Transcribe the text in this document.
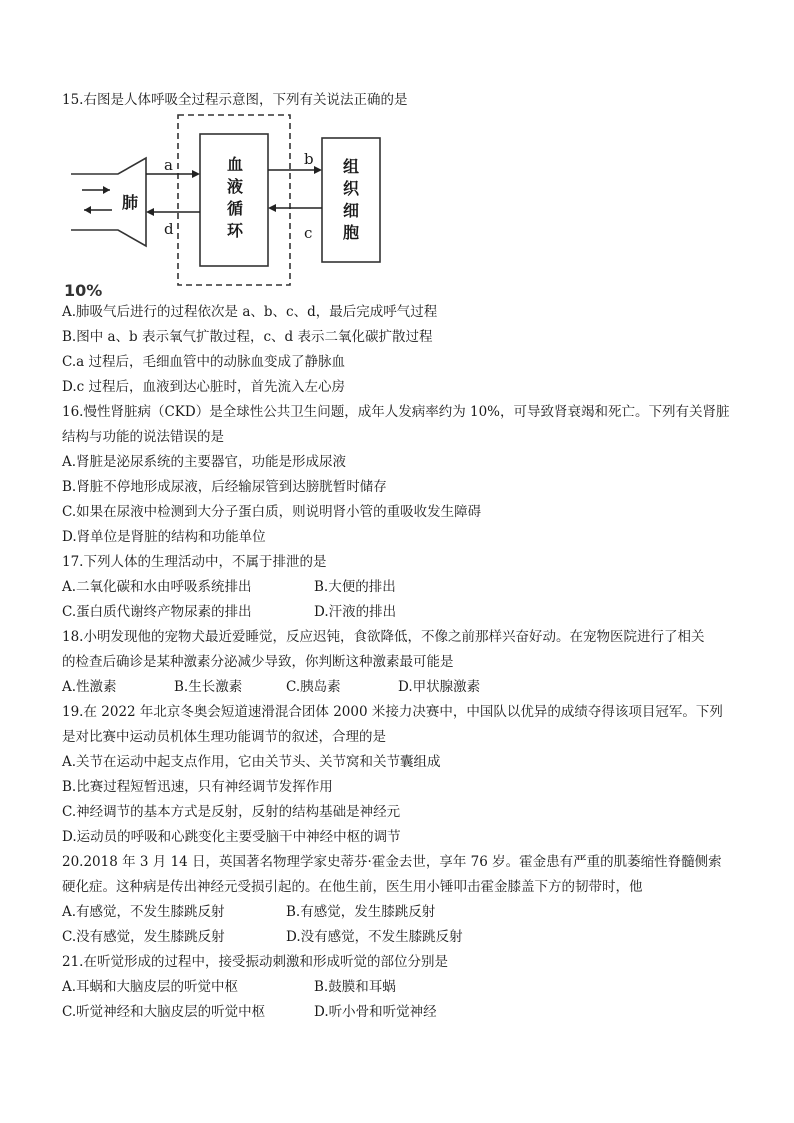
15.右图是人体呼吸全过程示意图，下列有关说法正确的是
肺
血
液
循
环
组
织
细
胞
a
d
b
c
10%
A.肺吸气后进行的过程依次是 a、b、c、d，最后完成呼气过程
B.图中 a、b 表示氧气扩散过程，c、d 表示二氧化碳扩散过程
C.a 过程后，毛细血管中的动脉血变成了静脉血
D.c 过程后，血液到达心脏时，首先流入左心房
16.慢性肾脏病（CKD）是全球性公共卫生问题，成年人发病率约为 10%，可导致肾衰竭和死亡。下列有关肾脏
结构与功能的说法错误的是
A.肾脏是泌尿系统的主要器官，功能是形成尿液
B.肾脏不停地形成尿液，后经输尿管到达膀胱暂时储存
C.如果在尿液中检测到大分子蛋白质，则说明肾小管的重吸收发生障碍
D.肾单位是肾脏的结构和功能单位
17.下列人体的生理活动中，不属于排泄的是
A.二氧化碳和水由呼吸系统排出	B.大便的排出
C.蛋白质代谢终产物尿素的排出	D.汗液的排出
18.小明发现他的宠物犬最近爱睡觉，反应迟钝，食欲降低，不像之前那样兴奋好动。在宠物医院进行了相关
的检查后确诊是某种激素分泌减少导致，你判断这种激素最可能是
A.性激素	B.生长激素	C.胰岛素	D.甲状腺激素
19.在 2022 年北京冬奥会短道速滑混合团体 2000 米接力决赛中，中国队以优异的成绩夺得该项目冠军。下列
是对比赛中运动员机体生理功能调节的叙述，合理的是
A.关节在运动中起支点作用，它由关节头、关节窝和关节囊组成
B.比赛过程短暂迅速，只有神经调节发挥作用
C.神经调节的基本方式是反射，反射的结构基础是神经元
D.运动员的呼吸和心跳变化主要受脑干中神经中枢的调节
20.2018 年 3 月 14 日，英国著名物理学家史蒂芬·霍金去世，享年 76 岁。霍金患有严重的肌萎缩性脊髓侧索
硬化症。这种病是传出神经元受损引起的。在他生前，医生用小锤叩击霍金膝盖下方的韧带时，他
A.有感觉，不发生膝跳反射	B.有感觉，发生膝跳反射
C.没有感觉，发生膝跳反射	D.没有感觉，不发生膝跳反射
21.在听觉形成的过程中，接受振动刺激和形成听觉的部位分别是
A.耳蜗和大脑皮层的听觉中枢	B.鼓膜和耳蜗
C.听觉神经和大脑皮层的听觉中枢	D.听小骨和听觉神经
